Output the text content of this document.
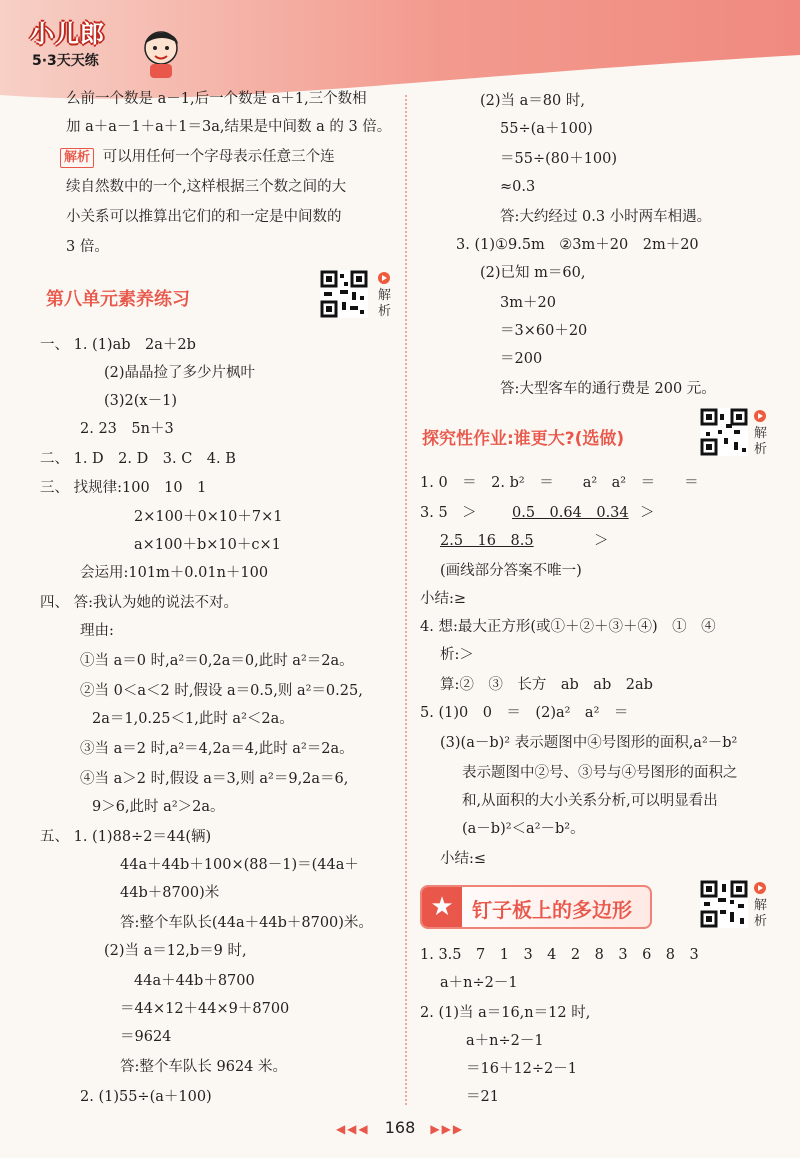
小儿郎
5·3天天练
么前一个数是 a－1,后一个数是 a＋1,三个数相
加 a＋a－1＋a＋1＝3a,结果是中间数 a 的 3 倍。
解析 可以用任何一个字母表示任意三个连
续自然数中的一个,这样根据三个数之间的大
小关系可以推算出它们的和一定是中间数的
3 倍。
第八单元素养练习	解析
一、 1. (1)ab　2a＋2b
(2)晶晶捡了多少片枫叶
(3)2(x－1)
2. 23　5n＋3
二、 1. D　2. D　3. C　4. B
三、 找规律:100　10　1
2×100＋0×10＋7×1
a×100＋b×10＋c×1
会运用:101m＋0.01n＋100
四、 答:我认为她的说法不对。
理由:
①当 a＝0 时,a²＝0,2a＝0,此时 a²＝2a。
②当 0＜a＜2 时,假设 a＝0.5,则 a²＝0.25,
2a＝1,0.25＜1,此时 a²＜2a。
③当 a＝2 时,a²＝4,2a＝4,此时 a²＝2a。
④当 a＞2 时,假设 a＝3,则 a²＝9,2a＝6,
9＞6,此时 a²＞2a。
五、 1. (1)88÷2＝44(辆)
44a＋44b＋100×(88－1)＝(44a＋
44b＋8700)米
答:整个车队长(44a＋44b＋8700)米。
(2)当 a＝12,b＝9 时,
44a＋44b＋8700
＝44×12＋44×9＋8700
＝9624
答:整个车队长 9624 米。
2. (1)55÷(a＋100)
(2)当 a＝80 时,
55÷(a＋100)
＝55÷(80＋100)
≈0.3
答:大约经过 0.3 小时两车相遇。
3. (1)①9.5m　②3m＋20　2m＋20
(2)已知 m＝60,
3m＋20
＝3×60＋20
＝200
答:大型客车的通行费是 200 元。
探究性作业:谁更大?(选做)	解析
1. 0　＝　2. b²　＝　　a²　a²　＝　　＝
3. 5　＞ 0.5　0.64　0.34 ＞
2.5　16　8.5	＞
(画线部分答案不唯一)
小结:≥
4. 想:最大正方形(或①＋②＋③＋④)　①　④
析:＞
算:②　③　长方　ab　ab　2ab
5. (1)0　0　＝　(2)a²　a²　＝
(3)(a－b)² 表示题图中④号图形的面积,a²－b²
表示题图中②号、③号与④号图形的面积之
和,从面积的大小关系分析,可以明显看出
(a－b)²＜a²－b²。
小结:≤
★ 钉子板上的多边形	解析
1. 3.5　7　1　3　4　2　8　3　6　8　3
a＋n÷2－1
2. (1)当 a＝16,n＝12 时,
a＋n÷2－1
＝16＋12÷2－1
＝21
◀◀◀ 168 ▶▶▶
